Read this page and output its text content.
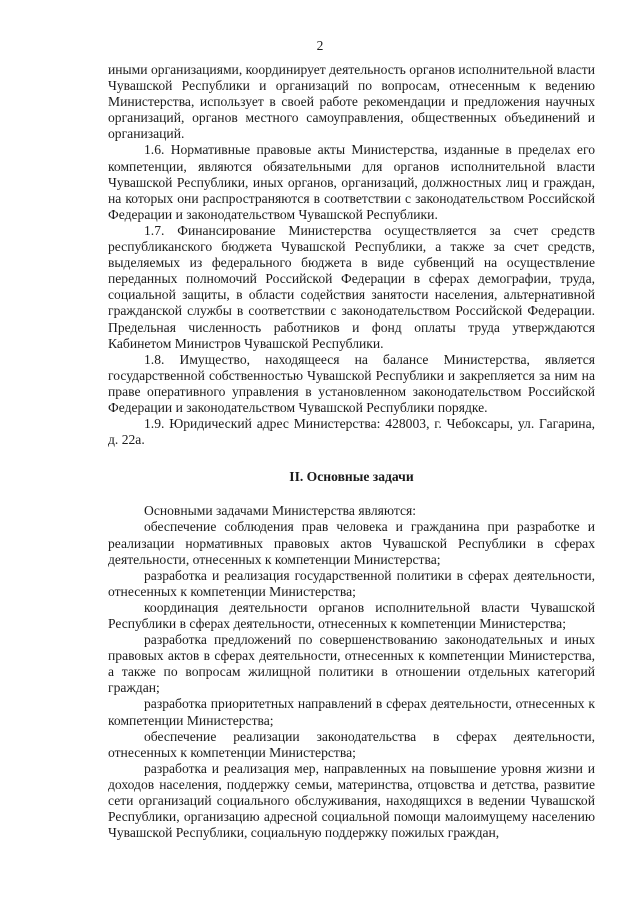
2

иными организациями, координирует деятельность органов исполнительной власти Чувашской Республики и организаций по вопросам, отнесенным к ведению Министерства, использует в своей работе рекомендации и предложения научных организаций, органов местного самоуправления, общественных объединений и организаций.

1.6. Нормативные правовые акты Министерства, изданные в пределах его компетенции, являются обязательными для органов исполнительной власти Чувашской Республики, иных органов, организаций, должностных лиц и граждан, на которых они распространяются в соответствии с законодательством Российской Федерации и законодательством Чувашской Республики.

1.7. Финансирование Министерства осуществляется за счет средств республиканского бюджета Чувашской Республики, а также за счет средств, выделяемых из федерального бюджета в виде субвенций на осуществление переданных полномочий Российской Федерации в сферах демографии, труда, социальной защиты, в области содействия занятости населения, альтернативной гражданской службы в соответствии с законодательством Российской Федерации. Предельная численность работников и фонд оплаты труда утверждаются Кабинетом Министров Чувашской Республики.

1.8. Имущество, находящееся на балансе Министерства, является государственной собственностью Чувашской Республики и закрепляется за ним на праве оперативного управления в установленном законодательством Российской Федерации и законодательством Чувашской Республики порядке.

1.9. Юридический адрес Министерства: 428003, г. Чебоксары, ул. Гагарина, д. 22а.

II. Основные задачи

Основными задачами Министерства являются:

обеспечение соблюдения прав человека и гражданина при разработке и реализации нормативных правовых актов Чувашской Республики в сферах деятельности, отнесенных к компетенции Министерства;

разработка и реализация государственной политики в сферах деятельности, отнесенных к компетенции Министерства;

координация деятельности органов исполнительной власти Чувашской Республики в сферах деятельности, отнесенных к компетенции Министерства;

разработка предложений по совершенствованию законодательных и иных правовых актов в сферах деятельности, отнесенных к компетенции Министерства, а также по вопросам жилищной политики в отношении отдельных категорий граждан;

разработка приоритетных направлений в сферах деятельности, отнесенных к компетенции Министерства;

обеспечение реализации законодательства в сферах деятельности, отнесенных к компетенции Министерства;

разработка и реализация мер, направленных на повышение уровня жизни и доходов населения, поддержку семьи, материнства, отцовства и детства, развитие сети организаций социального обслуживания, находящихся в ведении Чувашской Республики, организацию адресной социальной помощи малоимущему населению Чувашской Республики, социальную поддержку пожилых граждан,
